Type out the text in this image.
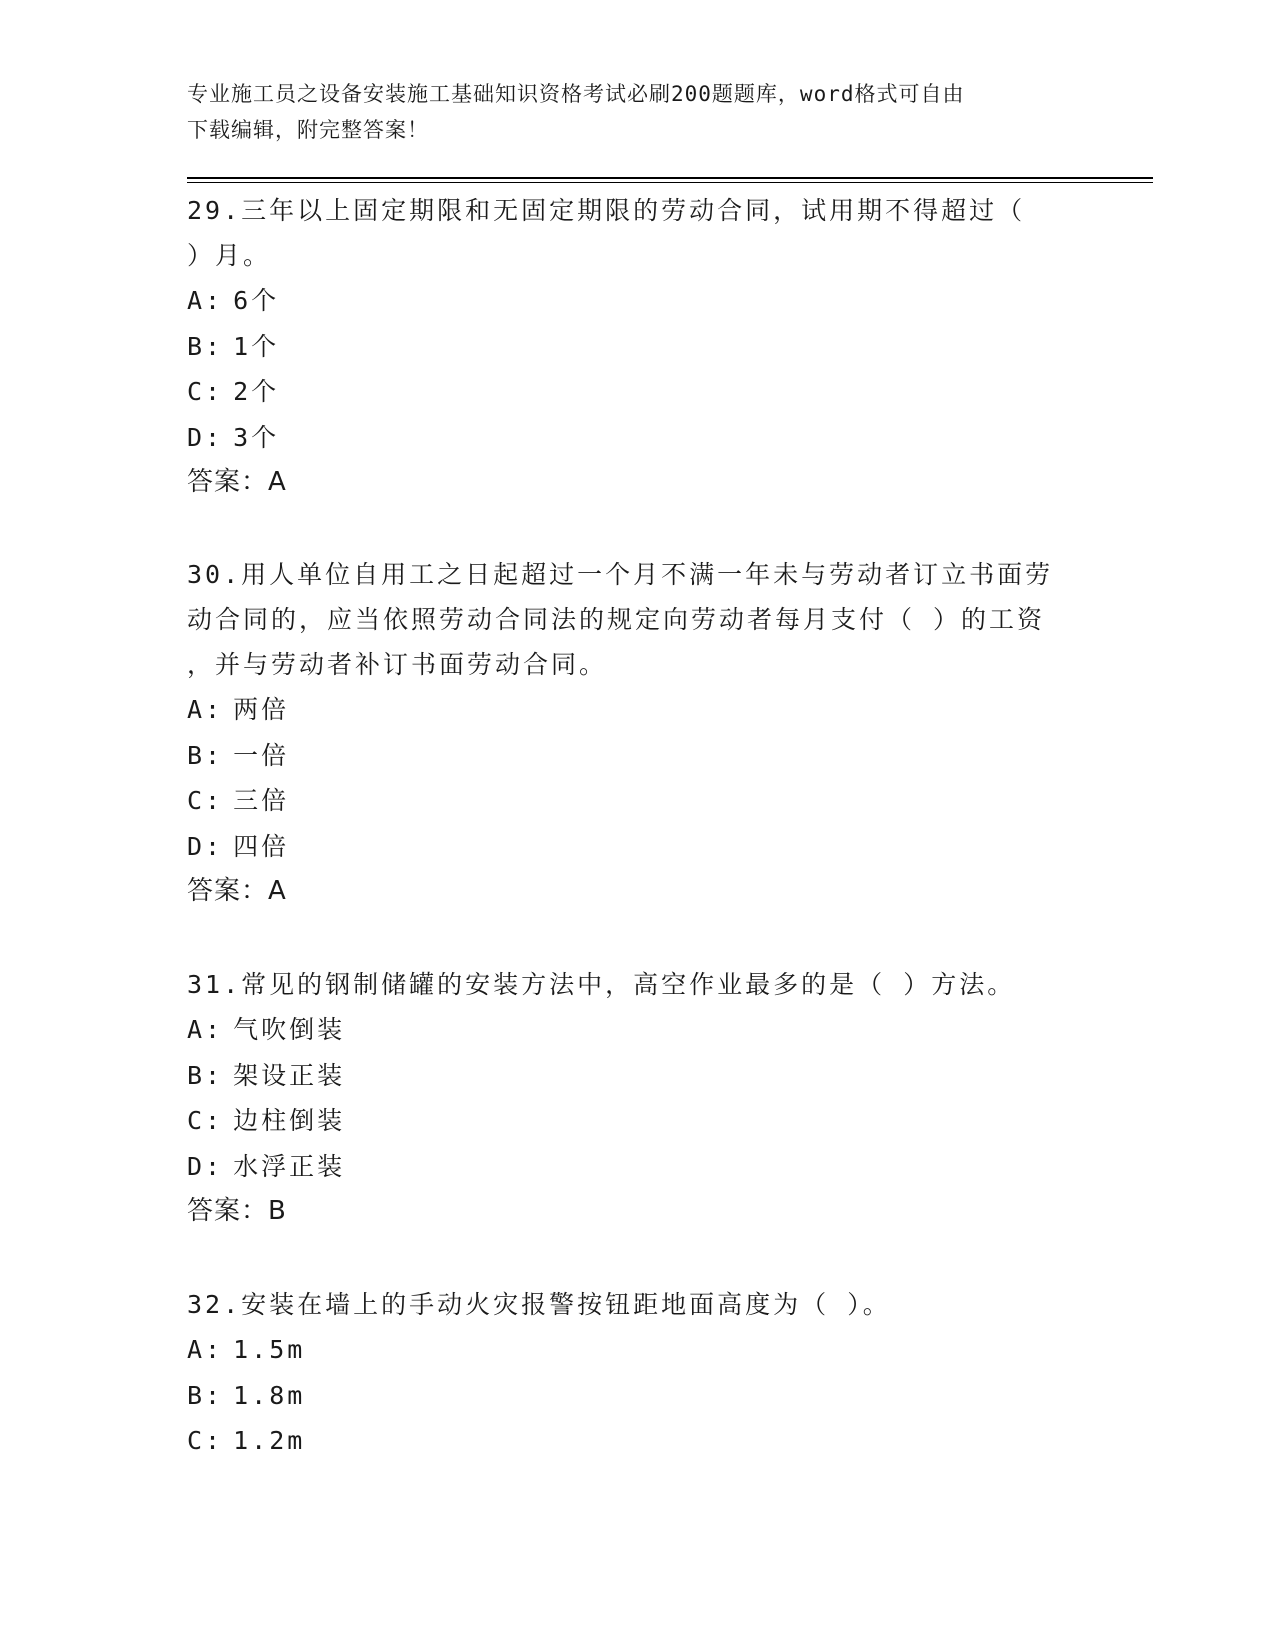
专业施工员之设备安装施工基础知识资格考试必刷200题题库，word格式可自由
下载编辑，附完整答案！
29.三年以上固定期限和无固定期限的劳动合同，试用期不得超过（
）月。
A: 6个
B: 1个
C: 2个
D: 3个
答案：A
30.用人单位自用工之日起超过一个月不满一年未与劳动者订立书面劳
动合同的，应当依照劳动合同法的规定向劳动者每月支付（ ）的工资
，并与劳动者补订书面劳动合同。
A: 两倍
B: 一倍
C: 三倍
D: 四倍
答案：A
31.常见的钢制储罐的安装方法中，高空作业最多的是（ ）方法。
A: 气吹倒装
B: 架设正装
C: 边柱倒装
D: 水浮正装
答案：B
32.安装在墙上的手动火灾报警按钮距地面高度为（ ）。
A: 1.5m
B: 1.8m
C: 1.2m
